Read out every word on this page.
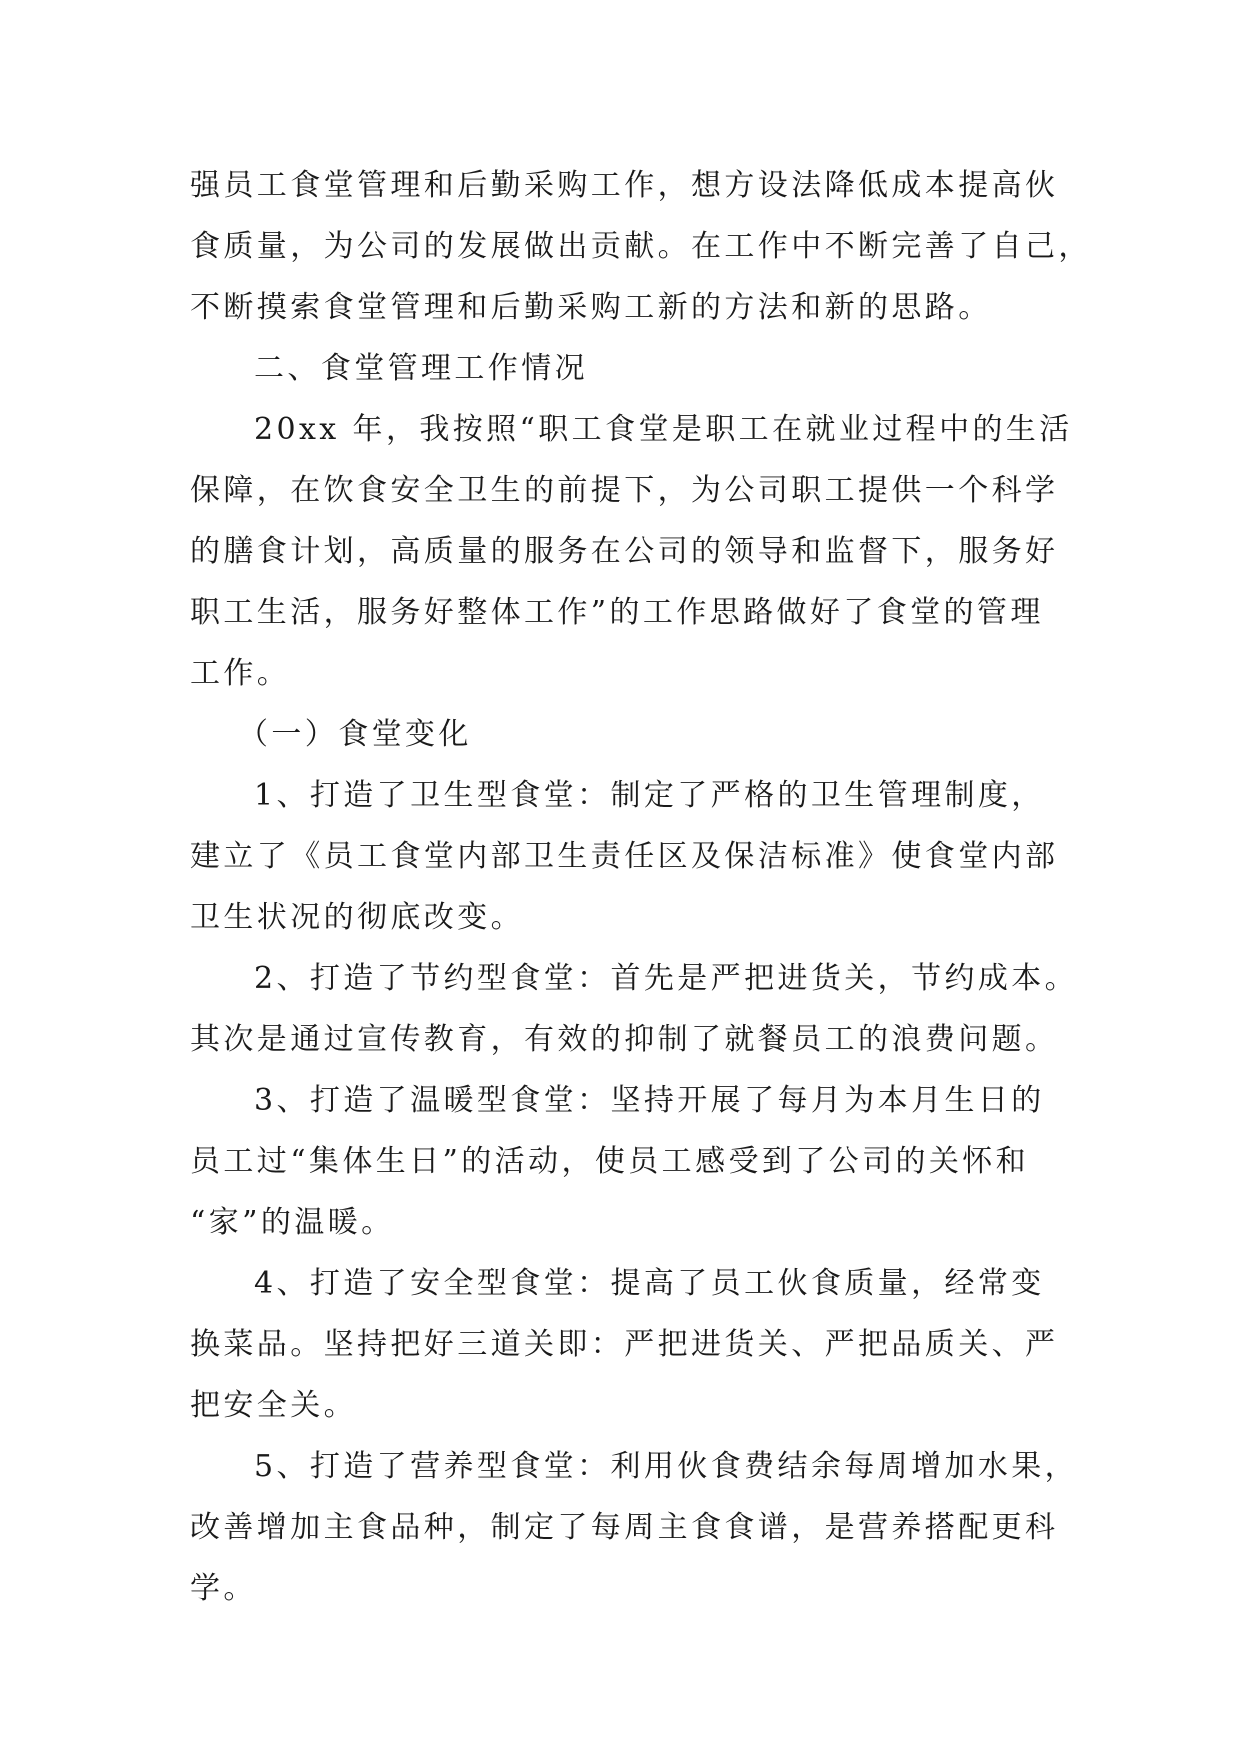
强员工食堂管理和后勤采购工作，想方设法降低成本提高伙
食质量，为公司的发展做出贡献。在工作中不断完善了自己，
不断摸索食堂管理和后勤采购工新的方法和新的思路。
二、食堂管理工作情况
20xx 年，我按照“职工食堂是职工在就业过程中的生活
保障，在饮食安全卫生的前提下，为公司职工提供一个科学
的膳食计划，高质量的服务在公司的领导和监督下，服务好
职工生活，服务好整体工作”的工作思路做好了食堂的管理
工作。
（一）食堂变化
1、打造了卫生型食堂：制定了严格的卫生管理制度，
建立了《员工食堂内部卫生责任区及保洁标准》使食堂内部
卫生状况的彻底改变。
2、打造了节约型食堂：首先是严把进货关，节约成本。
其次是通过宣传教育，有效的抑制了就餐员工的浪费问题。
3、打造了温暖型食堂：坚持开展了每月为本月生日的
员工过“集体生日”的活动，使员工感受到了公司的关怀和
“家”的温暖。
4、打造了安全型食堂：提高了员工伙食质量，经常变
换菜品。坚持把好三道关即：严把进货关、严把品质关、严
把安全关。
5、打造了营养型食堂：利用伙食费结余每周增加水果，
改善增加主食品种，制定了每周主食食谱，是营养搭配更科
学。
